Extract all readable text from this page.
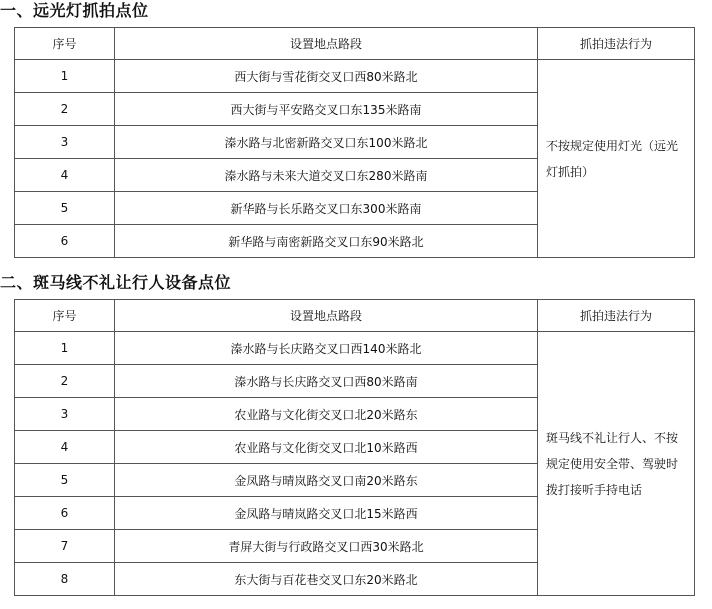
一、远光灯抓拍点位
序号	设置地点路段	抓拍违法行为
1	西大街与雪花街交叉口西80米路北	不按规定使用灯光（远光灯抓拍）
2	西大街与平安路交叉口东135米路南	
3	溱水路与北密新路交叉口东100米路北	
4	溱水路与未来大道交叉口东280米路南	
5	新华路与长乐路交叉口东300米路南	
6	新华路与南密新路交叉口东90米路北	
二、斑马线不礼让行人设备点位
序号	设置地点路段	抓拍违法行为
1	溱水路与长庆路交叉口西140米路北	斑马线不礼让行人、不按规定使用安全带、驾驶时拨打接听手持电话
2	溱水路与长庆路交叉口西80米路南	
3	农业路与文化街交叉口北20米路东	
4	农业路与文化街交叉口北10米路西	
5	金凤路与晴岚路交叉口南20米路东	
6	金凤路与晴岚路交叉口北15米路西	
7	青屏大街与行政路交叉口西30米路北	
8	东大街与百花巷交叉口东20米路北	
